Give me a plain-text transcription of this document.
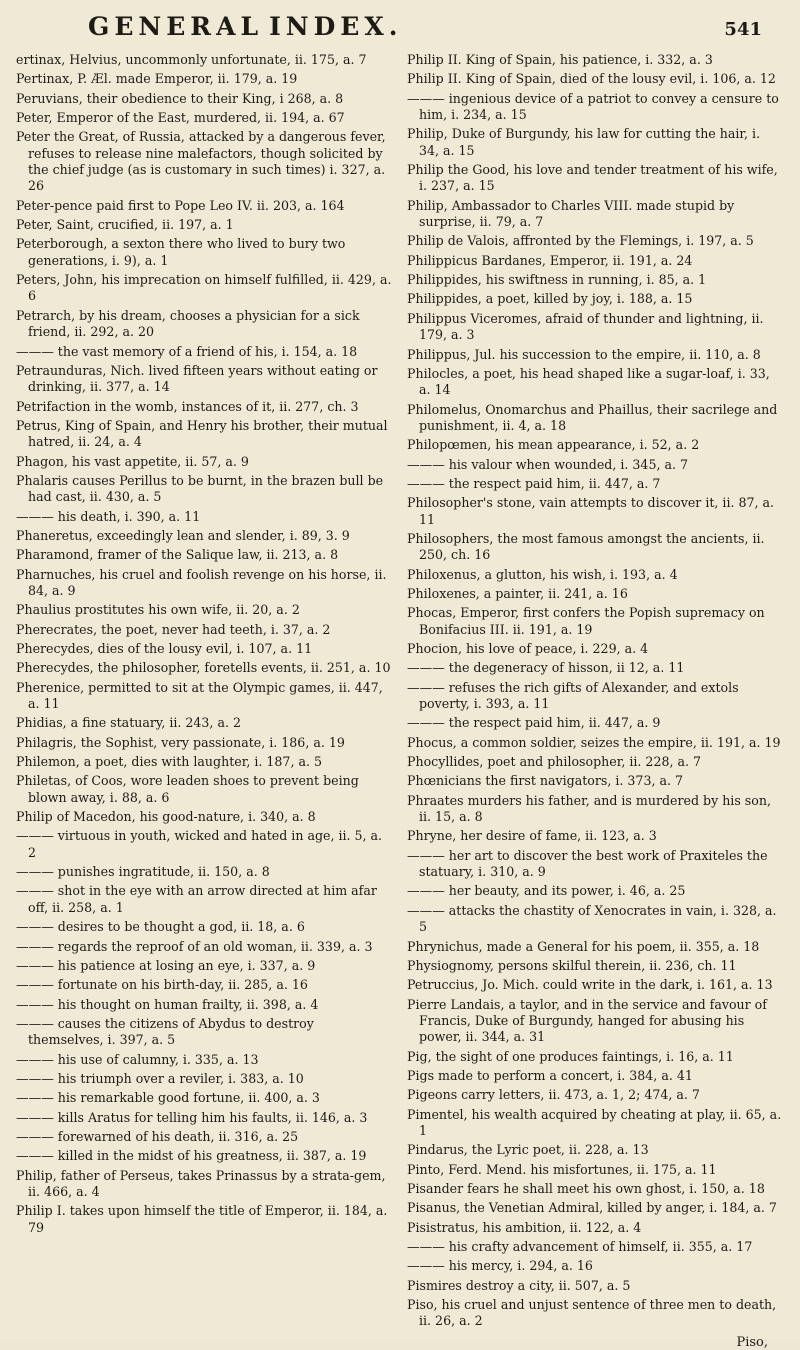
GENERAL INDEX.	541

ertinax, Helvius, uncommonly unfortunate, ii. 175, a. 7

Pertinax, P. Æl. made Emperor, ii. 179, a. 19

Peruvians, their obedience to their King, i 268, a. 8

Peter, Emperor of the East, murdered, ii. 194, a. 67

Peter the Great, of Russia, attacked by a dangerous fever, refuses to release nine malefactors, though solicited by the chief judge (as is customary in such times) i. 327, a. 26

Peter-pence paid first to Pope Leo IV. ii. 203, a. 164

Peter, Saint, crucified, ii. 197, a. 1

Peterborough, a sexton there who lived to bury two generations, i. 9), a. 1

Peters, John, his imprecation on himself fulfilled, ii. 429, a. 6

Petrarch, by his dream, chooses a physician for a sick friend, ii. 292, a. 20

——— the vast memory of a friend of his, i. 154, a. 18

Petraunduras, Nich. lived fifteen years without eating or drinking, ii. 377, a. 14

Petrifaction in the womb, instances of it, ii. 277, ch. 3

Petrus, King of Spain, and Henry his brother, their mutual hatred, ii. 24, a. 4

Phagon, his vast appetite, ii. 57, a. 9

Phalaris causes Perillus to be burnt, in the brazen bull be had cast, ii. 430, a. 5

——— his death, i. 390, a. 11

Phaneretus, exceedingly lean and slender, i. 89, 3. 9

Pharamond, framer of the Salique law, ii. 213, a. 8

Pharnuches, his cruel and foolish revenge on his horse, ii. 84, a. 9

Phaulius prostitutes his own wife, ii. 20, a. 2

Pherecrates, the poet, never had teeth, i. 37, a. 2

Pherecydes, dies of the lousy evil, i. 107, a. 11

Pherecydes, the philosopher, foretells events, ii. 251, a. 10

Pherenice, permitted to sit at the Olympic games, ii. 447, a. 11

Phidias, a fine statuary, ii. 243, a. 2

Philagris, the Sophist, very passionate, i. 186, a. 19

Philemon, a poet, dies with laughter, i. 187, a. 5

Philetas, of Coos, wore leaden shoes to prevent being blown away, i. 88, a. 6

Philip of Macedon, his good-nature, i. 340, a. 8

——— virtuous in youth, wicked and hated in age, ii. 5, a. 2

——— punishes ingratitude, ii. 150, a. 8

——— shot in the eye with an arrow directed at him afar off, ii. 258, a. 1

——— desires to be thought a god, ii. 18, a. 6

——— regards the reproof of an old woman, ii. 339, a. 3

——— his patience at losing an eye, i. 337, a. 9

——— fortunate on his birth-day, ii. 285, a. 16

——— his thought on human frailty, ii. 398, a. 4

——— causes the citizens of Abydus to destroy themselves, i. 397, a. 5

——— his use of calumny, i. 335, a. 13

——— his triumph over a reviler, i. 383, a. 10

——— his remarkable good fortune, ii. 400, a. 3

——— kills Aratus for telling him his faults, ii. 146, a. 3

——— forewarned of his death, ii. 316, a. 25

——— killed in the midst of his greatness, ii. 387, a. 19

Philip, father of Perseus, takes Prinassus by a strata-gem, ii. 466, a. 4

Philip I. takes upon himself the title of Emperor, ii. 184, a. 79

Philip II. King of Spain, his patience, i. 332, a. 3

Philip II. King of Spain, died of the lousy evil, i. 106, a. 12

——— ingenious device of a patriot to convey a censure to him, i. 234, a. 15

Philip, Duke of Burgundy, his law for cutting the hair, i. 34, a. 15

Philip the Good, his love and tender treatment of his wife, i. 237, a. 15

Philip, Ambassador to Charles VIII. made stupid by surprise, ii. 79, a. 7

Philip de Valois, affronted by the Flemings, i. 197, a. 5

Philippicus Bardanes, Emperor, ii. 191, a. 24

Philippides, his swiftness in running, i. 85, a. 1

Philippides, a poet, killed by joy, i. 188, a. 15

Philippus Viceromes, afraid of thunder and lightning, ii. 179, a. 3

Philippus, Jul. his succession to the empire, ii. 110, a. 8

Philocles, a poet, his head shaped like a sugar-loaf, i. 33, a. 14

Philomelus, Onomarchus and Phaillus, their sacrilege and punishment, ii. 4, a. 18

Philopœmen, his mean appearance, i. 52, a. 2

——— his valour when wounded, i. 345, a. 7

——— the respect paid him, ii. 447, a. 7

Philosopher's stone, vain attempts to discover it, ii. 87, a. 11

Philosophers, the most famous amongst the ancients, ii. 250, ch. 16

Philoxenus, a glutton, his wish, i. 193, a. 4

Philoxenes, a painter, ii. 241, a. 16

Phocas, Emperor, first confers the Popish supremacy on Bonifacius III. ii. 191, a. 19

Phocion, his love of peace, i. 229, a. 4

——— the degeneracy of hisson, ii 12, a. 11

——— refuses the rich gifts of Alexander, and extols poverty, i. 393, a. 11

——— the respect paid him, ii. 447, a. 9

Phocus, a common soldier, seizes the empire, ii. 191, a. 19

Phocyllides, poet and philosopher, ii. 228, a. 7

Phœnicians the first navigators, i. 373, a. 7

Phraates murders his father, and is murdered by his son, ii. 15, a. 8

Phryne, her desire of fame, ii. 123, a. 3

——— her art to discover the best work of Praxiteles the statuary, i. 310, a. 9

——— her beauty, and its power, i. 46, a. 25

——— attacks the chastity of Xenocrates in vain, i. 328, a. 5

Phrynichus, made a General for his poem, ii. 355, a. 18

Physiognomy, persons skilful therein, ii. 236, ch. 11

Petruccius, Jo. Mich. could write in the dark, i. 161, a. 13

Pierre Landais, a taylor, and in the service and favour of Francis, Duke of Burgundy, hanged for abusing his power, ii. 344, a. 31

Pig, the sight of one produces faintings, i. 16, a. 11

Pigs made to perform a concert, i. 384, a. 41

Pigeons carry letters, ii. 473, a. 1, 2; 474, a. 7

Pimentel, his wealth acquired by cheating at play, ii. 65, a. 1

Pindarus, the Lyric poet, ii. 228, a. 13

Pinto, Ferd. Mend. his misfortunes, ii. 175, a. 11

Pisander fears he shall meet his own ghost, i. 150, a. 18

Pisanus, the Venetian Admiral, killed by anger, i. 184, a. 7

Pisistratus, his ambition, ii. 122, a. 4

——— his crafty advancement of himself, ii. 355, a. 17

——— his mercy, i. 294, a. 16

Pismires destroy a city, ii. 507, a. 5

Piso, his cruel and unjust sentence of three men to death, ii. 26, a. 2

Piso,
